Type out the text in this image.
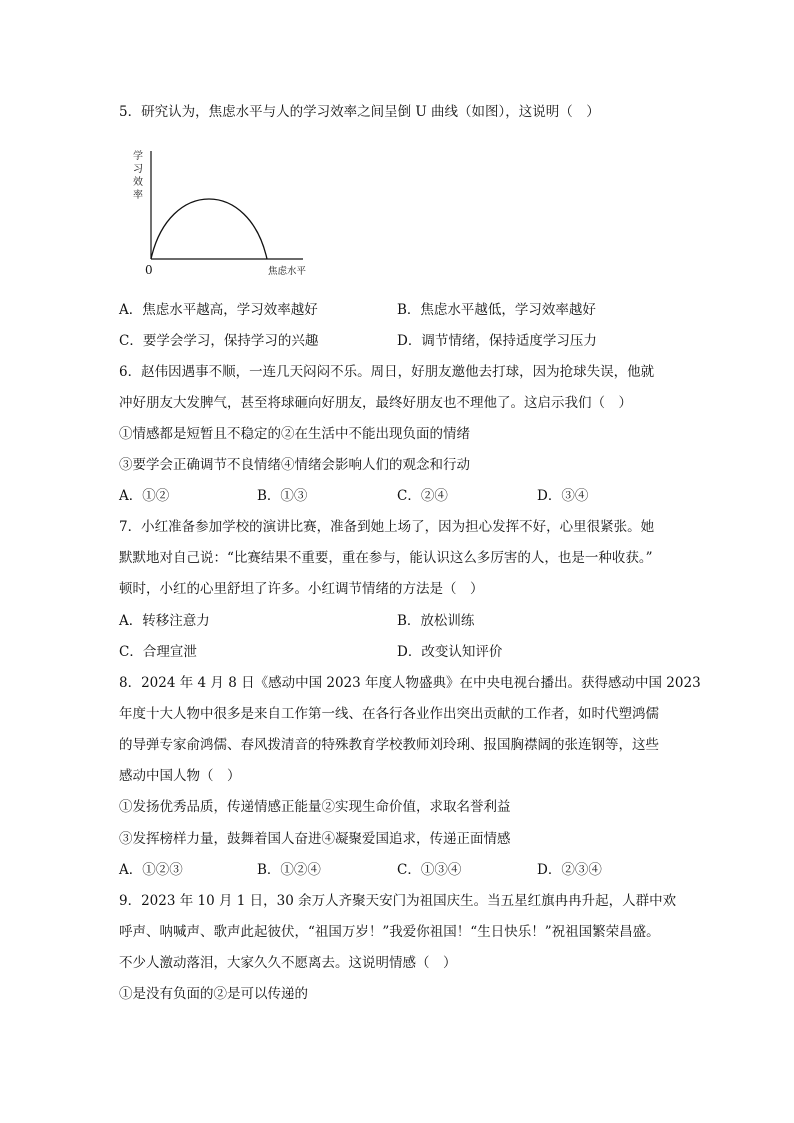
5．研究认为，焦虑水平与人的学习效率之间呈倒 U 曲线（如图），这说明（　）
学
习
效
率
0	焦虑水平
A．焦虑水平越高，学习效率越好	B．焦虑水平越低，学习效率越好
C．要学会学习，保持学习的兴趣	D．调节情绪，保持适度学习压力
6．赵伟因遇事不顺，一连几天闷闷不乐。周日，好朋友邀他去打球，因为抢球失误，他就
冲好朋友大发脾气，甚至将球砸向好朋友，最终好朋友也不理他了。这启示我们（　）
①情感都是短暂且不稳定的②在生活中不能出现负面的情绪
③要学会正确调节不良情绪④情绪会影响人们的观念和行动
A．①②	B．①③	C．②④	D．③④
7．小红准备参加学校的演讲比赛，准备到她上场了，因为担心发挥不好，心里很紧张。她
默默地对自己说：“比赛结果不重要，重在参与，能认识这么多厉害的人，也是一种收获。”
顿时，小红的心里舒坦了许多。小红调节情绪的方法是（　）
A．转移注意力	B．放松训练
C．合理宣泄	D．改变认知评价
8．2024 年 4 月 8 日《感动中国 2023 年度人物盛典》在中央电视台播出。获得感动中国 2023
年度十大人物中很多是来自工作第一线、在各行各业作出突出贡献的工作者，如时代塑鸿儒
的导弹专家俞鸿儒、春风拨清音的特殊教育学校教师刘玲琍、报国胸襟阔的张连钢等，这些
感动中国人物（　）
①发扬优秀品质，传递情感正能量②实现生命价值，求取名誉利益
③发挥榜样力量，鼓舞着国人奋进④凝聚爱国追求，传递正面情感
A．①②③	B．①②④	C．①③④	D．②③④
9．2023 年 10 月 1 日，30 余万人齐聚天安门为祖国庆生。当五星红旗冉冉升起，人群中欢
呼声、呐喊声、歌声此起彼伏，“祖国万岁！”我爱你祖国！“生日快乐！”祝祖国繁荣昌盛。
不少人激动落泪，大家久久不愿离去。这说明情感（　）
①是没有负面的②是可以传递的
